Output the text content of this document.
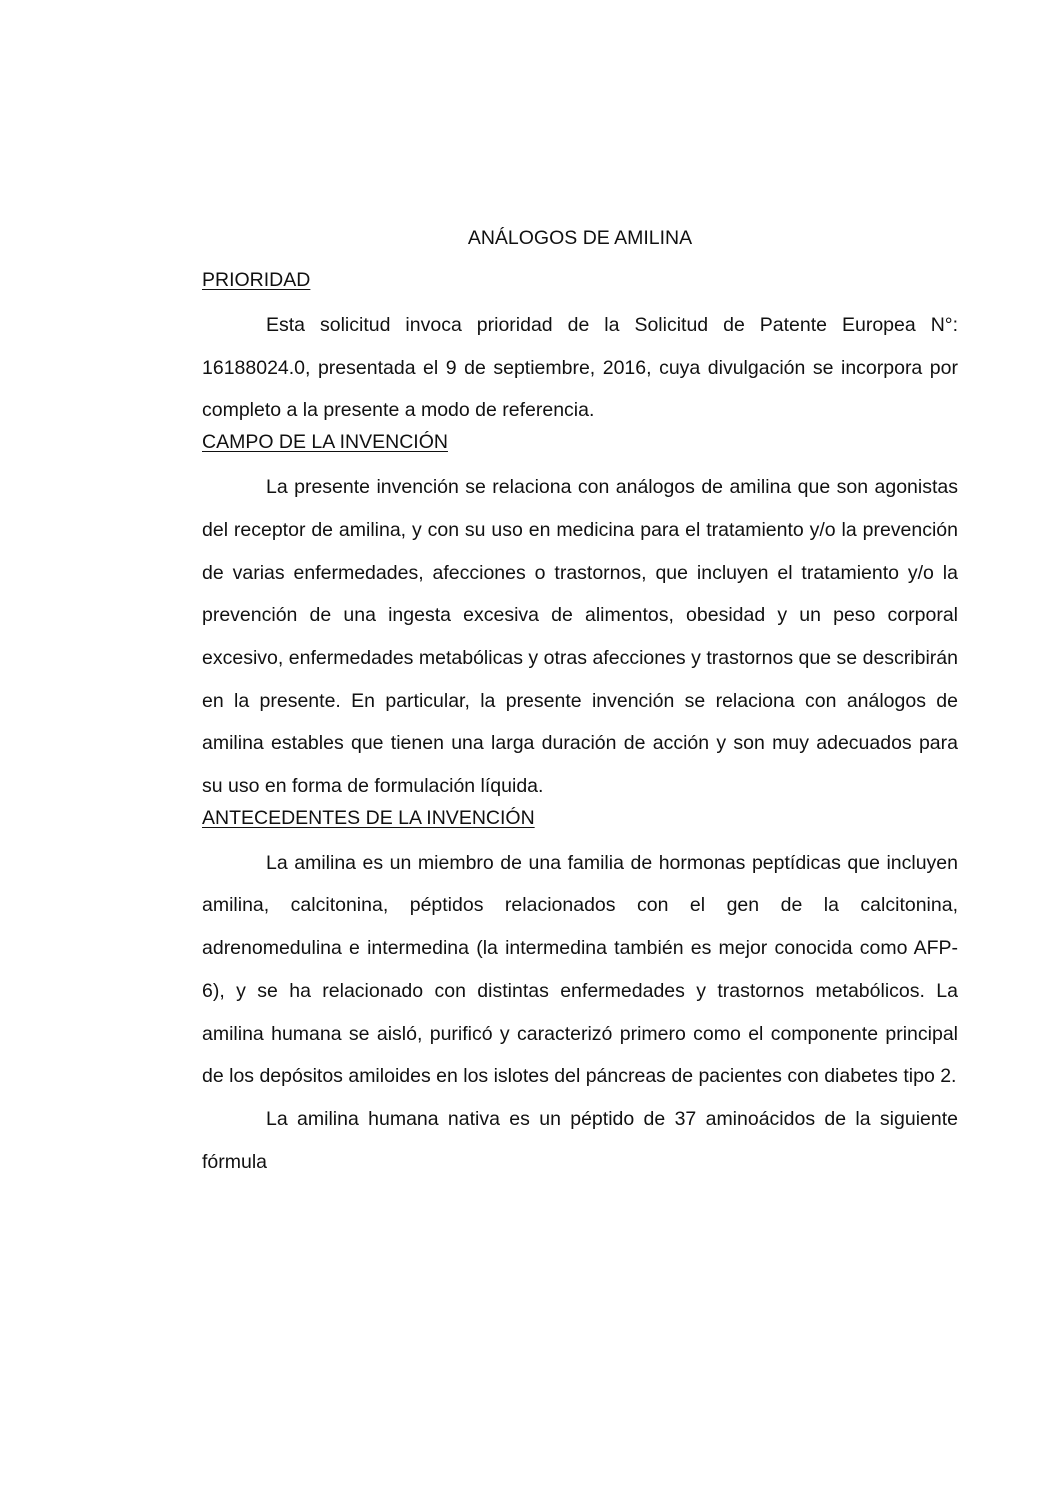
ANÁLOGOS DE AMILINA
PRIORIDAD

Esta solicitud invoca prioridad de la Solicitud de Patente Europea N°: 16188024.0, presentada el 9 de septiembre, 2016, cuya divulgación se incorpora por completo a la presente a modo de referencia.

CAMPO DE LA INVENCIÓN

La presente invención se relaciona con análogos de amilina que son agonistas del receptor de amilina, y con su uso en medicina para el tratamiento y/o la prevención de varias enfermedades, afecciones o trastornos, que incluyen el tratamiento y/o la prevención de una ingesta excesiva de alimentos, obesidad y un peso corporal excesivo, enfermedades metabólicas y otras afecciones y trastornos que se describirán en la presente. En particular, la presente invención se relaciona con análogos de amilina estables que tienen una larga duración de acción y son muy adecuados para su uso en forma de formulación líquida.

ANTECEDENTES DE LA INVENCIÓN

La amilina es un miembro de una familia de hormonas peptídicas que incluyen amilina, calcitonina, péptidos relacionados con el gen de la calcitonina, adrenomedulina e intermedina (la intermedina también es mejor conocida como AFP-6), y se ha relacionado con distintas enfermedades y trastornos metabólicos. La amilina humana se aisló, purificó y caracterizó primero como el componente principal de los depósitos amiloides en los islotes del páncreas de pacientes con diabetes tipo 2.

La amilina humana nativa es un péptido de 37 aminoácidos de la siguiente fórmula
